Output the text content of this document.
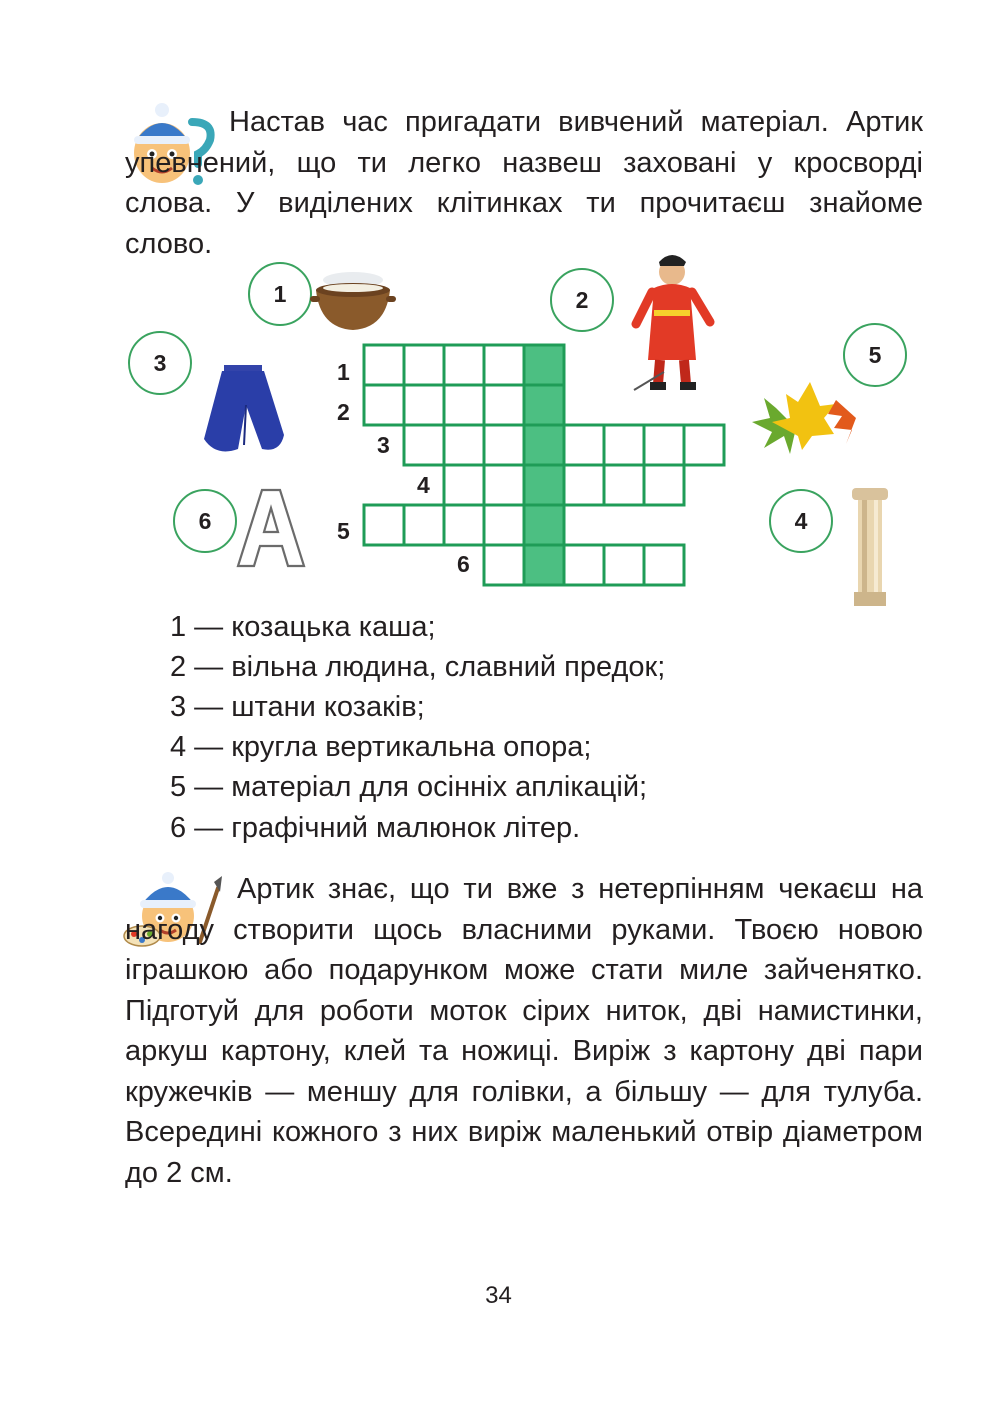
Настав час пригадати вивчений матеріал. Артик упевнений, що ти легко назвеш заховані у кросворді слова. У виділених клітинках ти прочитаєш знайоме слово.

1	2
3	5
6	4
1
2
3
4
5
6
1 — козацька каша;
2 — вільна людина, славний предок;
3 — штани козаків;
4 — кругла вертикальна опора;
5 — матеріал для осінніх аплікацій;
6 — графічний малюнок літер.

Артик знає, що ти вже з нетерпінням чекаєш на нагоду створити щось власними руками. Твоєю новою іграшкою або подарунком може стати миле зайченятко. Підготуй для роботи моток сірих ниток, дві намистинки, аркуш картону, клей та ножиці. Виріж з картону дві пари кружечків — меншу для голівки, а більшу — для тулуба. Всередині кожного з них виріж маленький отвір діаметром до 2 см.

34
